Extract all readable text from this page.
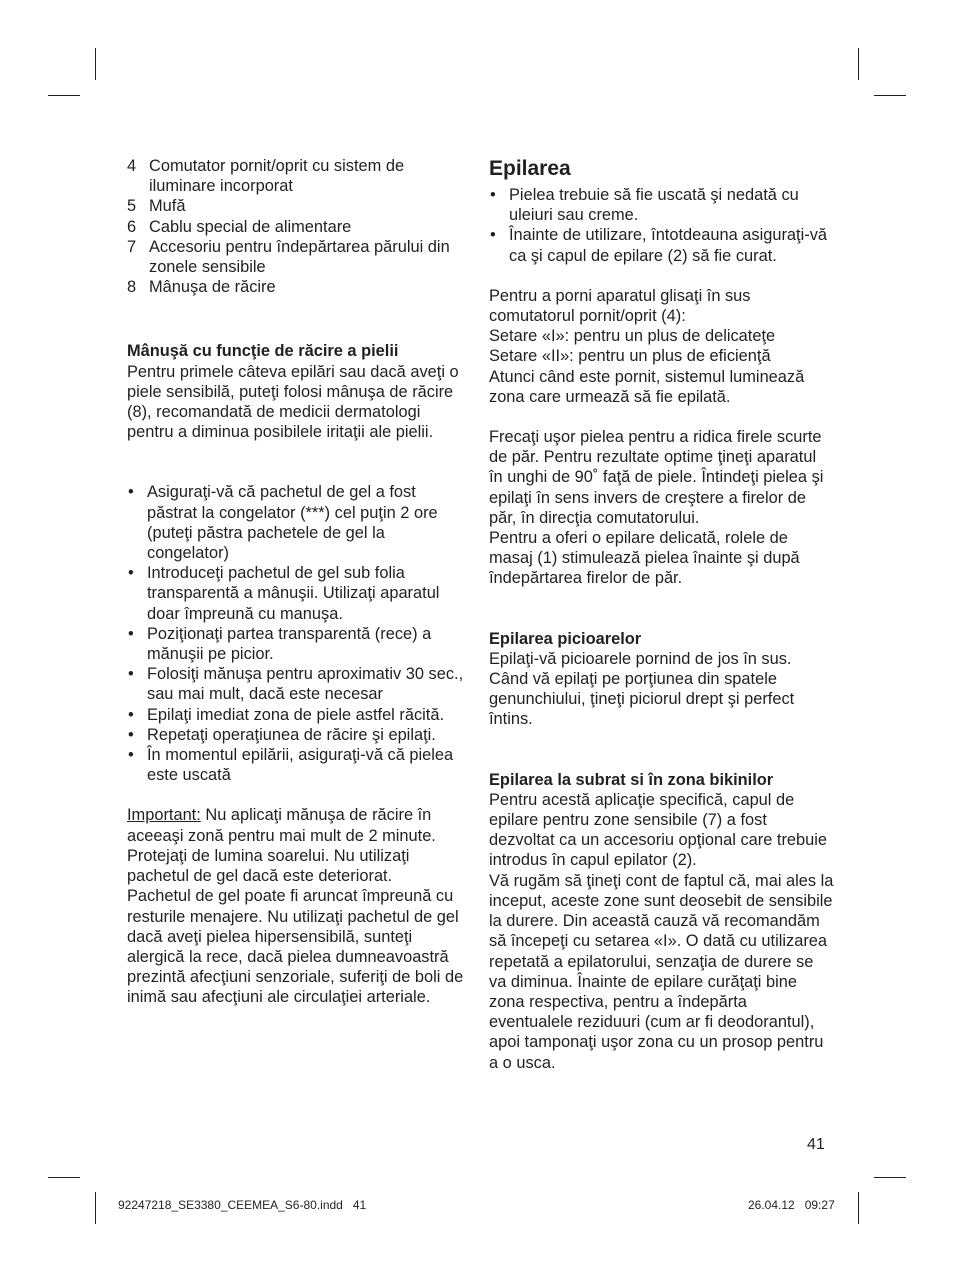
4 Comutator pornit/oprit cu sistem de iluminare incorporat
5 Mufă
6 Cablu special de alimentare
7 Accesoriu pentru îndepărtarea părului din zonele sensibile
8 Mânuşa de răcire

Mânuşă cu funcţie de răcire a pielii

Pentru primele câteva epilări sau dacă aveţi o piele sensibilă, puteţi folosi mânuşa de răcire (8), recomandată de medicii dermatologi pentru a diminua posibilele iritaţii ale pielii.

• Asiguraţi-vă că pachetul de gel a fost păstrat la congelator (***) cel puţin 2 ore (puteţi păstra pachetele de gel la congelator)
• Introduceţi pachetul de gel sub folia transparentă a mânuşii. Utilizaţi aparatul doar împreună cu manuşa.
• Poziţionaţi partea transparentă (rece) a mănuşii pe picior.
• Folosiţi mănuşa pentru aproximativ 30 sec., sau mai mult, dacă este necesar
• Epilaţi imediat zona de piele astfel răcită.
• Repetaţi operaţiunea de răcire şi epilaţi.
• În momentul epilării, asiguraţi-vă că pielea este uscată

Important: Nu aplicaţi mănuşa de răcire în aceeaşi zonă pentru mai mult de 2 minute. Protejaţi de lumina soarelui. Nu utilizaţi pachetul de gel dacă este deteriorat.

Pachetul de gel poate fi aruncat împreună cu resturile menajere. Nu utilizaţi pachetul de gel dacă aveţi pielea hipersensibilă, sunteţi alergică la rece, dacă pielea dumneavoastră prezintă afecţiuni senzoriale, suferiţi de boli de inimă sau afecţiuni ale circulaţiei arteriale.

Epilarea

• Pielea trebuie să fie uscată şi nedată cu uleiuri sau creme.
• Înainte de utilizare, întotdeauna asiguraţi-vă ca şi capul de epilare (2) să fie curat.

Pentru a porni aparatul glisaţi în sus comutatorul pornit/oprit (4):

Setare «I»: pentru un plus de delicateţe

Setare «II»: pentru un plus de eficienţă

Atunci când este pornit, sistemul luminează zona care urmează să fie epilată.

Frecaţi uşor pielea pentru a ridica firele scurte de păr. Pentru rezultate optime ţineţi aparatul în unghi de 90˚ faţă de piele. Întindeţi pielea şi epilaţi în sens invers de creştere a firelor de păr, în direcţia comutatorului.

Pentru a oferi o epilare delicată, rolele de masaj (1) stimulează pielea înainte şi după îndepărtarea firelor de păr.

Epilarea picioarelor

Epilaţi-vă picioarele pornind de jos în sus. Când vă epilaţi pe porţiunea din spatele genunchiului, ţineţi piciorul drept şi perfect întins.

Epilarea la subrat si în zona bikinilor

Pentru acestă aplicaţie specifică, capul de epilare pentru zone sensibile (7) a fost dezvoltat ca un accesoriu opţional care trebuie introdus în capul epilator (2).

Vă rugăm să ţineţi cont de faptul că, mai ales la inceput, aceste zone sunt deosebit de sensibile la durere. Din această cauză vă recomandăm să începeţi cu setarea «I». O dată cu utilizarea repetată a epilatorului, senzaţia de durere se va diminua. Înainte de epilare curăţaţi bine zona respectiva, pentru a îndepărta eventualele reziduuri (cum ar fi deodorantul), apoi tamponaţi uşor zona cu un prosop pentru a o usca.

41
92247218_SE3380_CEEMEA_S6-80.indd   41	26.04.12   09:27
